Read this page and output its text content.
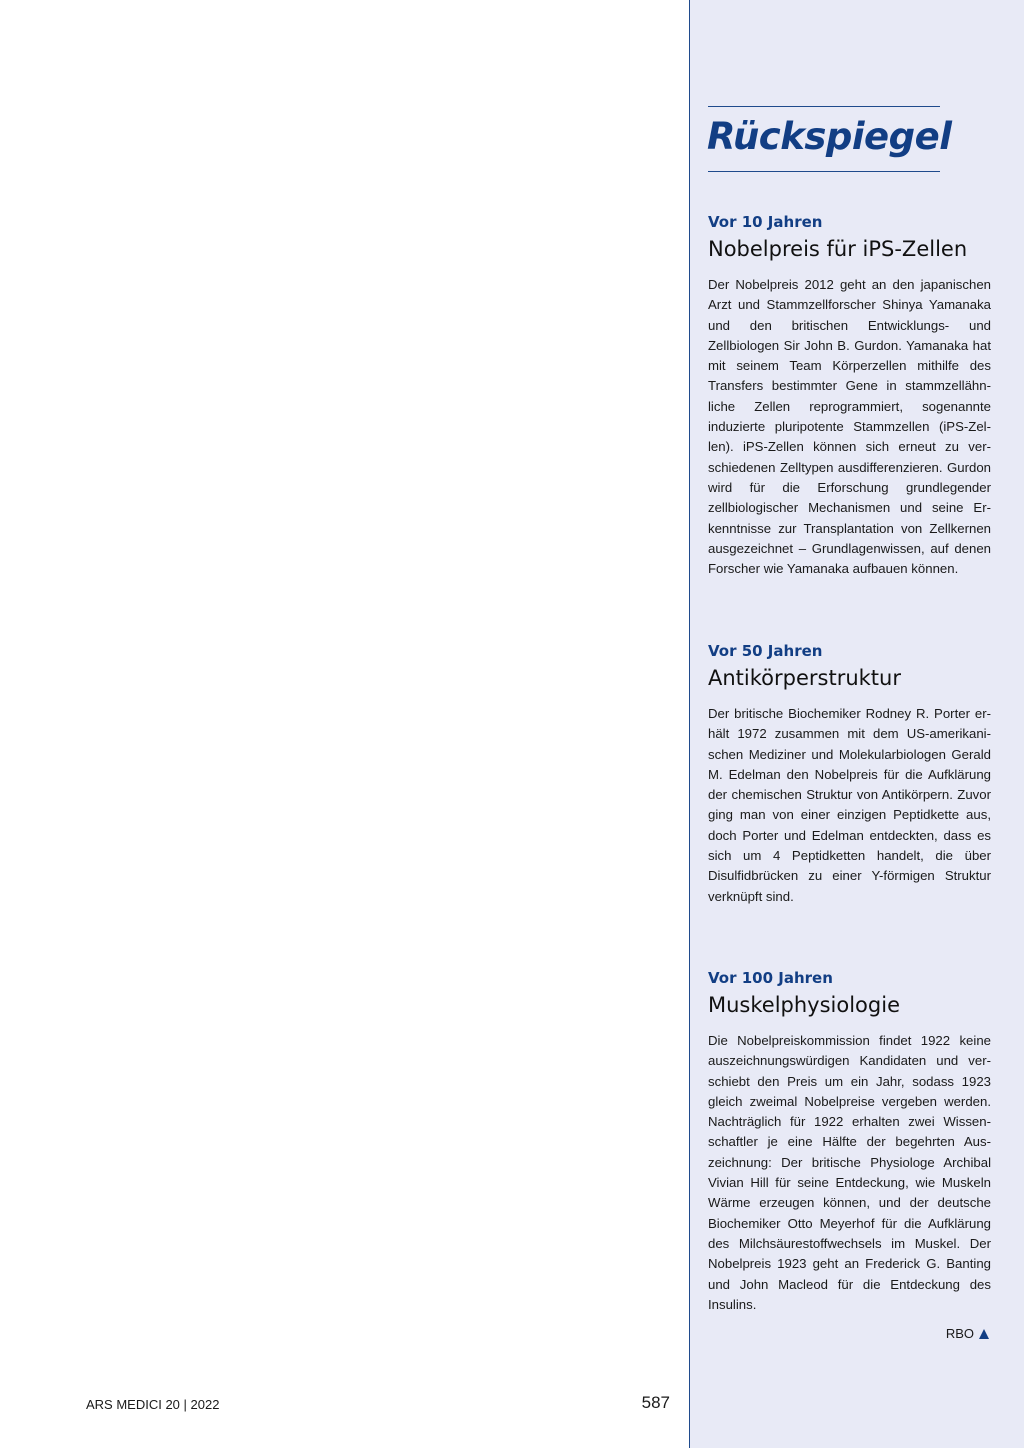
Rückspiegel

Vor 10 Jahren

Nobelpreis für iPS-Zellen

Der Nobelpreis 2012 geht an den japanischen Arzt und Stammzellforscher Shinya Yamanaka und den britischen Entwicklungs- und Zellbiologen Sir John B. Gurdon. Yamanaka hat mit seinem Team Körperzellen mithilfe des Transfers bestimmter Gene in stammzellähnliche Zellen reprogrammiert, sogenannte induzierte pluripotente Stammzellen (iPS-Zellen). iPS-Zellen können sich erneut zu verschiedenen Zelltypen ausdifferenzieren. Gurdon wird für die Erforschung grundlegender zellbiologischer Mechanismen und seine Erkenntnisse zur Transplantation von Zellkernen ausgezeichnet – Grundlagenwissen, auf denen Forscher wie Yamanaka aufbauen können.

Vor 50 Jahren

Antikörperstruktur

Der britische Biochemiker Rodney R. Porter erhält 1972 zusammen mit dem US-amerikanischen Mediziner und Molekularbiologen Gerald M. Edelman den Nobelpreis für die Aufklärung der chemischen Struktur von Antikörpern. Zuvor ging man von einer einzigen Peptidkette aus, doch Porter und Edelman entdeckten, dass es sich um 4 Peptidketten handelt, die über Disulfidbrücken zu einer Y-förmigen Struktur verknüpft sind.

Vor 100 Jahren

Muskelphysiologie

Die Nobelpreiskommission findet 1922 keine auszeichnungswürdigen Kandidaten und verschiebt den Preis um ein Jahr, sodass 1923 gleich zweimal Nobelpreise vergeben werden. Nachträglich für 1922 erhalten zwei Wissenschaftler je eine Hälfte der begehrten Auszeichnung: Der britische Physiologe Archibal Vivian Hill für seine Entdeckung, wie Muskeln Wärme erzeugen können, und der deutsche Biochemiker Otto Meyerhof für die Aufklärung des Milchsäurestoffwechsels im Muskel. Der Nobelpreis 1923 geht an Frederick G. Banting und John Macleod für die Entdeckung des Insulins.

RBO
ARS MEDICI 20 | 2022	587
